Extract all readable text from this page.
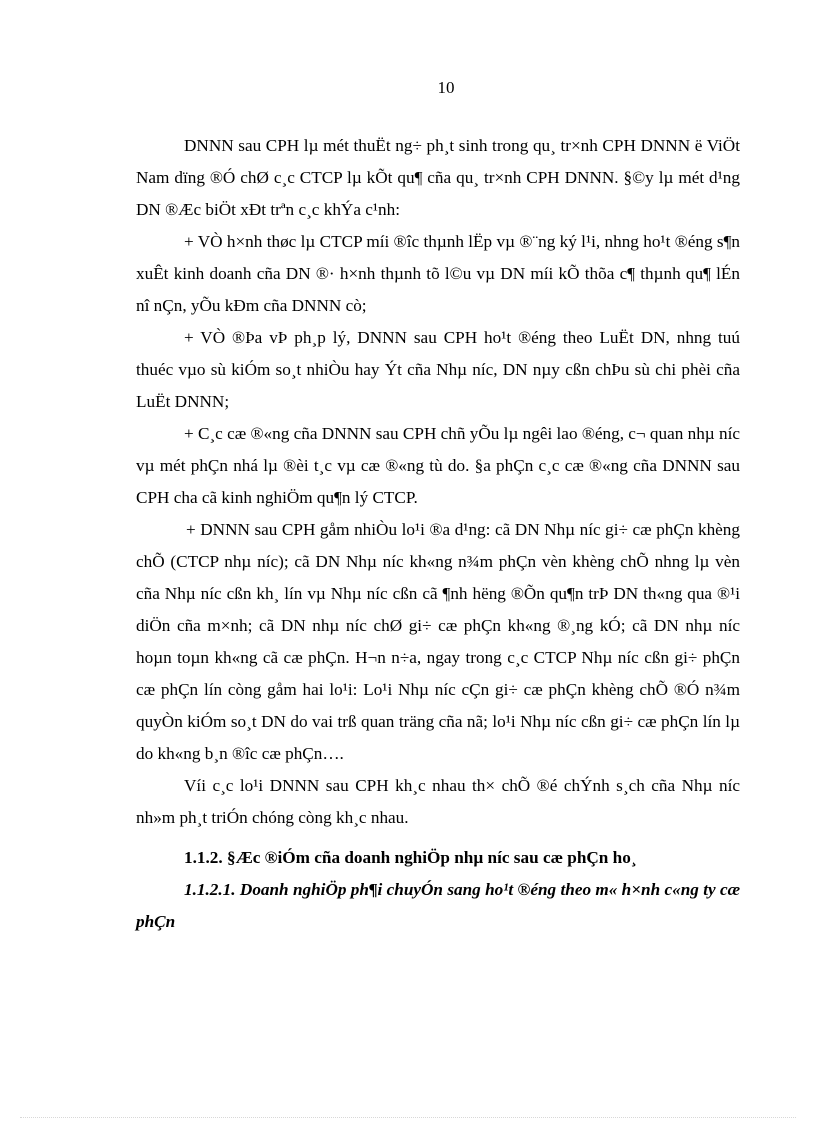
10

DNNN sau CPH lµ mét thuËt ng÷ ph¸t sinh trong qu¸ tr×nh CPH DNNN ë ViÖt Nam dïng ®Ó chØ c¸c CTCP lµ kÕt qu¶ cña qu¸ tr×nh CPH DNNN. §©y lµ mét d¹ng DN ®Æc biÖt xÐt trªn c¸c khÝa c¹nh:

+ VÒ h×nh thøc lµ CTCP míi ®îc thµnh lËp vµ ®¨ng ký l¹i, nhng ho¹t ®éng s¶n xuÊt kinh doanh cña DN ®· h×nh thµnh tõ l©u vµ DN míi kÕ thõa c¶ thµnh qu¶ lÉn nî nÇn, yÕu kÐm cña DNNN cò;

+ VÒ ®Þa vÞ ph¸p lý, DNNN sau CPH ho¹t ®éng theo LuËt DN, nhng tuú thuéc vµo sù kiÓm so¸t nhiÒu hay Ýt cña Nhµ níc, DN nµy cßn chÞu sù chi phèi cña LuËt DNNN;

+ C¸c cæ ®«ng cña DNNN sau CPH chñ yÕu lµ ngêi lao ®éng, c¬ quan nhµ níc vµ mét phÇn nhá lµ ®èi t¸c vµ cæ ®«ng tù do. §a phÇn c¸c cæ ®«ng cña DNNN sau CPH cha cã kinh nghiÖm qu¶n lý CTCP.

+ DNNN sau CPH gåm nhiÒu lo¹i ®a d¹ng: cã DN Nhµ níc gi÷ cæ phÇn khèng chÕ (CTCP nhµ níc); cã DN Nhµ níc kh«ng n¾m phÇn vèn khèng chÕ nhng lµ vèn cña Nhµ níc cßn kh¸ lín vµ Nhµ níc cßn cã ¶nh hëng ®Õn qu¶n trÞ DN th«ng qua ®¹i diÖn cña m×nh; cã DN nhµ níc chØ gi÷ cæ phÇn kh«ng ®¸ng kÓ; cã DN nhµ níc hoµn toµn kh«ng cã cæ phÇn. H¬n n÷a, ngay trong c¸c CTCP Nhµ níc cßn gi÷ phÇn cæ phÇn lín còng gåm hai lo¹i: Lo¹i Nhµ níc cÇn gi÷ cæ phÇn khèng chÕ ®Ó n¾m quyÒn kiÓm so¸t DN do vai trß quan träng cña nã; lo¹i Nhµ níc cßn gi÷ cæ phÇn lín lµ do kh«ng b¸n ®îc cæ phÇn….

Víi c¸c lo¹i DNNN sau CPH kh¸c nhau th× chÕ ®é chÝnh s¸ch cña Nhµ níc nh»m ph¸t triÓn chóng còng kh¸c nhau.

1.1.2. §Æc ®iÓm cña doanh nghiÖp nhµ níc sau cæ phÇn ho¸

1.1.2.1. Doanh nghiÖp ph¶i chuyÓn sang ho¹t ®éng theo m« h×nh c«ng ty cæ phÇn
